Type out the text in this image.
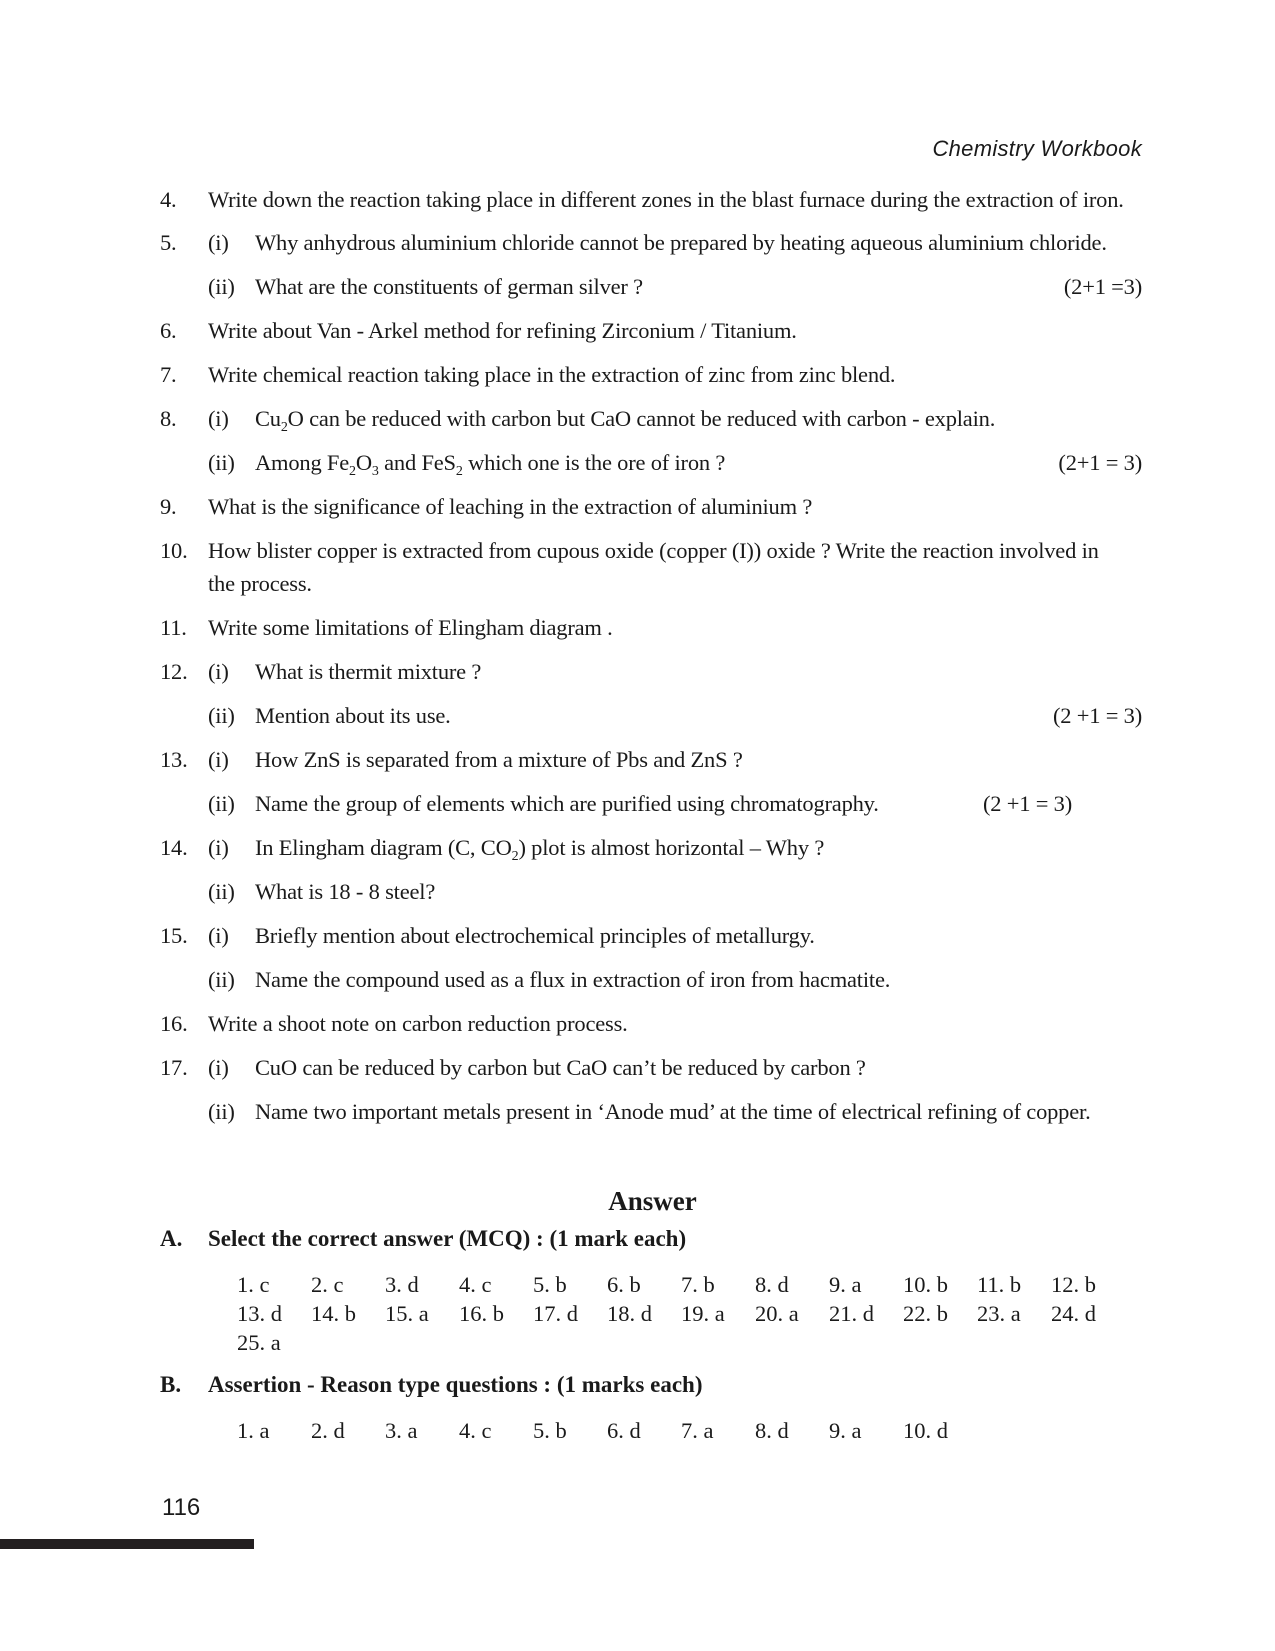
Chemistry Workbook
4. Write down the reaction taking place in different zones in the blast furnace during the extraction of iron.
5. (i) Why anhydrous aluminium chloride cannot be prepared by heating aqueous aluminium chloride.
(ii) What are the constituents of german silver ?	(2+1 =3)
6. Write about Van - Arkel method for refining Zirconium / Titanium.
7. Write chemical reaction taking place in the extraction of zinc from zinc blend.
8. (i) $Cu_2O$ can be reduced with carbon but CaO cannot be reduced with carbon - explain.
(ii) Among $Fe_2O_3$ and FeS$_2$ which one is the ore of iron ?	(2+1 = 3)
9. What is the significance of leaching in the extraction of aluminium ?
10. How blister copper is extracted from cupous oxide (copper (I)) oxide ? Write the reaction involved in
the process.
11. Write some limitations of Elingham diagram .
12. (i) What is thermit mixture ?
(ii) Mention about its use.	(2 +1 = 3)
13. (i) How ZnS is separated from a mixture of Pbs and ZnS ?
(ii) Name the group of elements which are purified using chromatography.	(2 +1 = 3)
14. (i) In Elingham diagram (C, $CO_2$) plot is almost horizontal – Why ?
(ii) What is 18 - 8 steel?
15. (i) Briefly mention about electrochemical principles of metallurgy.
(ii) Name the compound used as a flux in extraction of iron from hacmatite.
16. Write a shoot note on carbon reduction process.
17. (i) CuO can be reduced by carbon but CaO can’t be reduced by carbon ?
(ii) Name two important metals present in ‘Anode mud’ at the time of electrical refining of copper.
Answer
A. Select the correct answer (MCQ) : (1 mark each)
1. c	2. c	3. d	4. c	5. b	6. b	7. b	8. d	9. a	10. b	11. b	12. b
13. d	14. b	15. a	16. b	17. d	18. d	19. a	20. a	21. d	22. b	23. a	24. d
25. a
B. Assertion - Reason type questions : (1 marks each)
1. a	2. d	3. a	4. c	5. b	6. d	7. a	8. d	9. a	10. d
116
